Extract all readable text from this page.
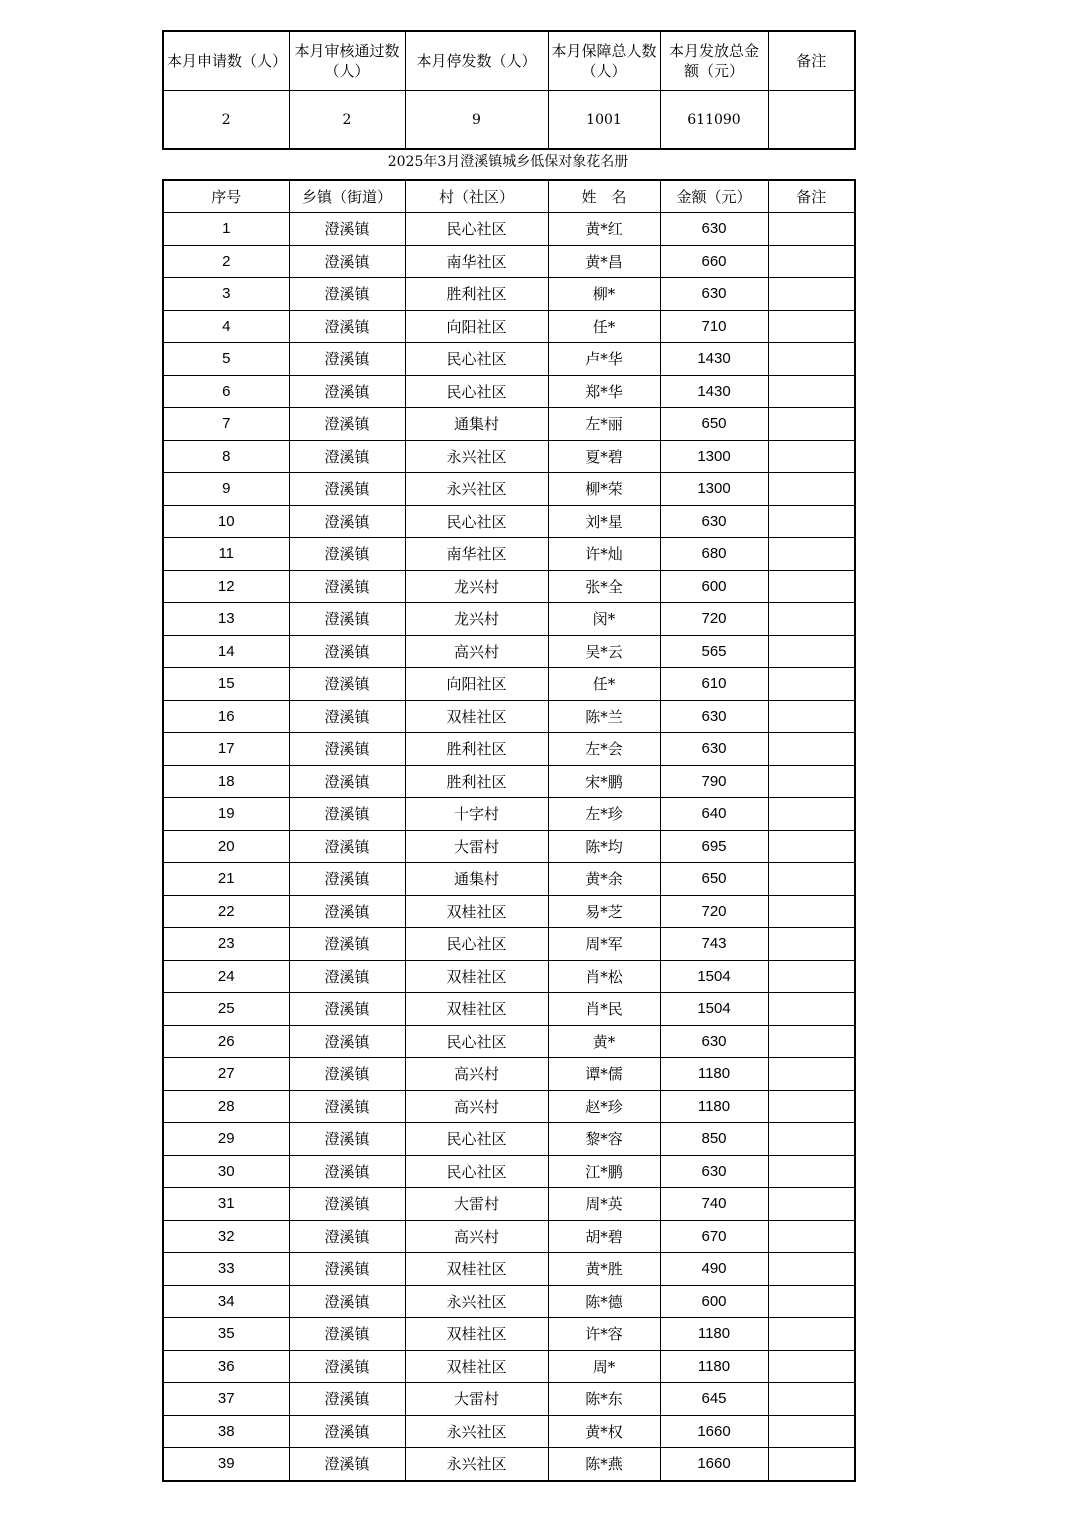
本月申请数（人）	本月审核通过数（人）	本月停发数（人）	本月保障总人数（人）	本月发放总金额（元）	备注
2	2	9	1001	611090	
2025年3月澄溪镇城乡低保对象花名册
序号	乡镇（街道）	村（社区）	姓　名	金额（元）	备注
1	澄溪镇	民心社区	黄*红	630	
2	澄溪镇	南华社区	黄*昌	660	
3	澄溪镇	胜利社区	柳*	630	
4	澄溪镇	向阳社区	任*	710	
5	澄溪镇	民心社区	卢*华	1430	
6	澄溪镇	民心社区	郑*华	1430	
7	澄溪镇	通集村	左*丽	650	
8	澄溪镇	永兴社区	夏*碧	1300	
9	澄溪镇	永兴社区	柳*荣	1300	
10	澄溪镇	民心社区	刘*星	630	
11	澄溪镇	南华社区	许*灿	680	
12	澄溪镇	龙兴村	张*全	600	
13	澄溪镇	龙兴村	闵*	720	
14	澄溪镇	高兴村	吴*云	565	
15	澄溪镇	向阳社区	任*	610	
16	澄溪镇	双桂社区	陈*兰	630	
17	澄溪镇	胜利社区	左*会	630	
18	澄溪镇	胜利社区	宋*鹏	790	
19	澄溪镇	十字村	左*珍	640	
20	澄溪镇	大雷村	陈*均	695	
21	澄溪镇	通集村	黄*余	650	
22	澄溪镇	双桂社区	易*芝	720	
23	澄溪镇	民心社区	周*军	743	
24	澄溪镇	双桂社区	肖*松	1504	
25	澄溪镇	双桂社区	肖*民	1504	
26	澄溪镇	民心社区	黄*	630	
27	澄溪镇	高兴村	谭*儒	1180	
28	澄溪镇	高兴村	赵*珍	1180	
29	澄溪镇	民心社区	黎*容	850	
30	澄溪镇	民心社区	江*鹏	630	
31	澄溪镇	大雷村	周*英	740	
32	澄溪镇	高兴村	胡*碧	670	
33	澄溪镇	双桂社区	黄*胜	490	
34	澄溪镇	永兴社区	陈*德	600	
35	澄溪镇	双桂社区	许*容	1180	
36	澄溪镇	双桂社区	周*	1180	
37	澄溪镇	大雷村	陈*东	645	
38	澄溪镇	永兴社区	黄*权	1660	
39	澄溪镇	永兴社区	陈*燕	1660	
